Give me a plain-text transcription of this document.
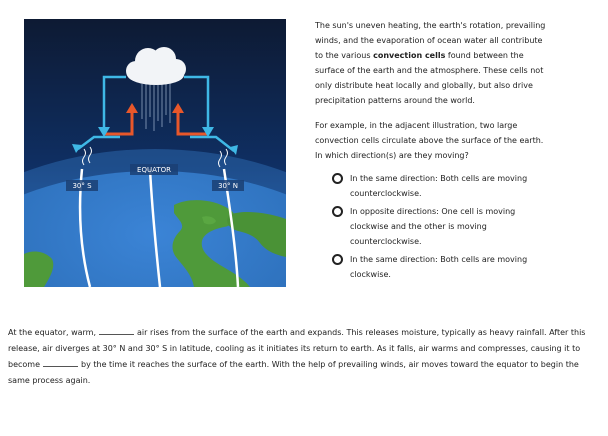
EQUATOR
30° S	30° N

The sun's uneven heating, the earth's rotation, prevailing winds, and the evaporation of ocean water all contribute to the various convection cells found between the surface of the earth and the atmosphere. These cells not only distribute heat locally and globally, but also drive precipitation patterns around the world.

For example, in the adjacent illustration, two large convection cells circulate above the surface of the earth. In which direction(s) are they moving?

In the same direction: Both cells are moving counterclockwise.
In opposite directions: One cell is moving clockwise and the other is moving counterclockwise.
In the same direction: Both cells are moving clockwise.
At the equator, warm,	air rises from the surface of the earth and expands. This releases moisture, typically as heavy rainfall. After this release, air diverges at 30° N and 30° S in latitude, cooling as it initiates its return to earth. As it falls, air warms and compresses, causing it to become	by the time it reaches the surface of the earth. With the help of prevailing winds, air moves toward the equator to begin the same process again.
